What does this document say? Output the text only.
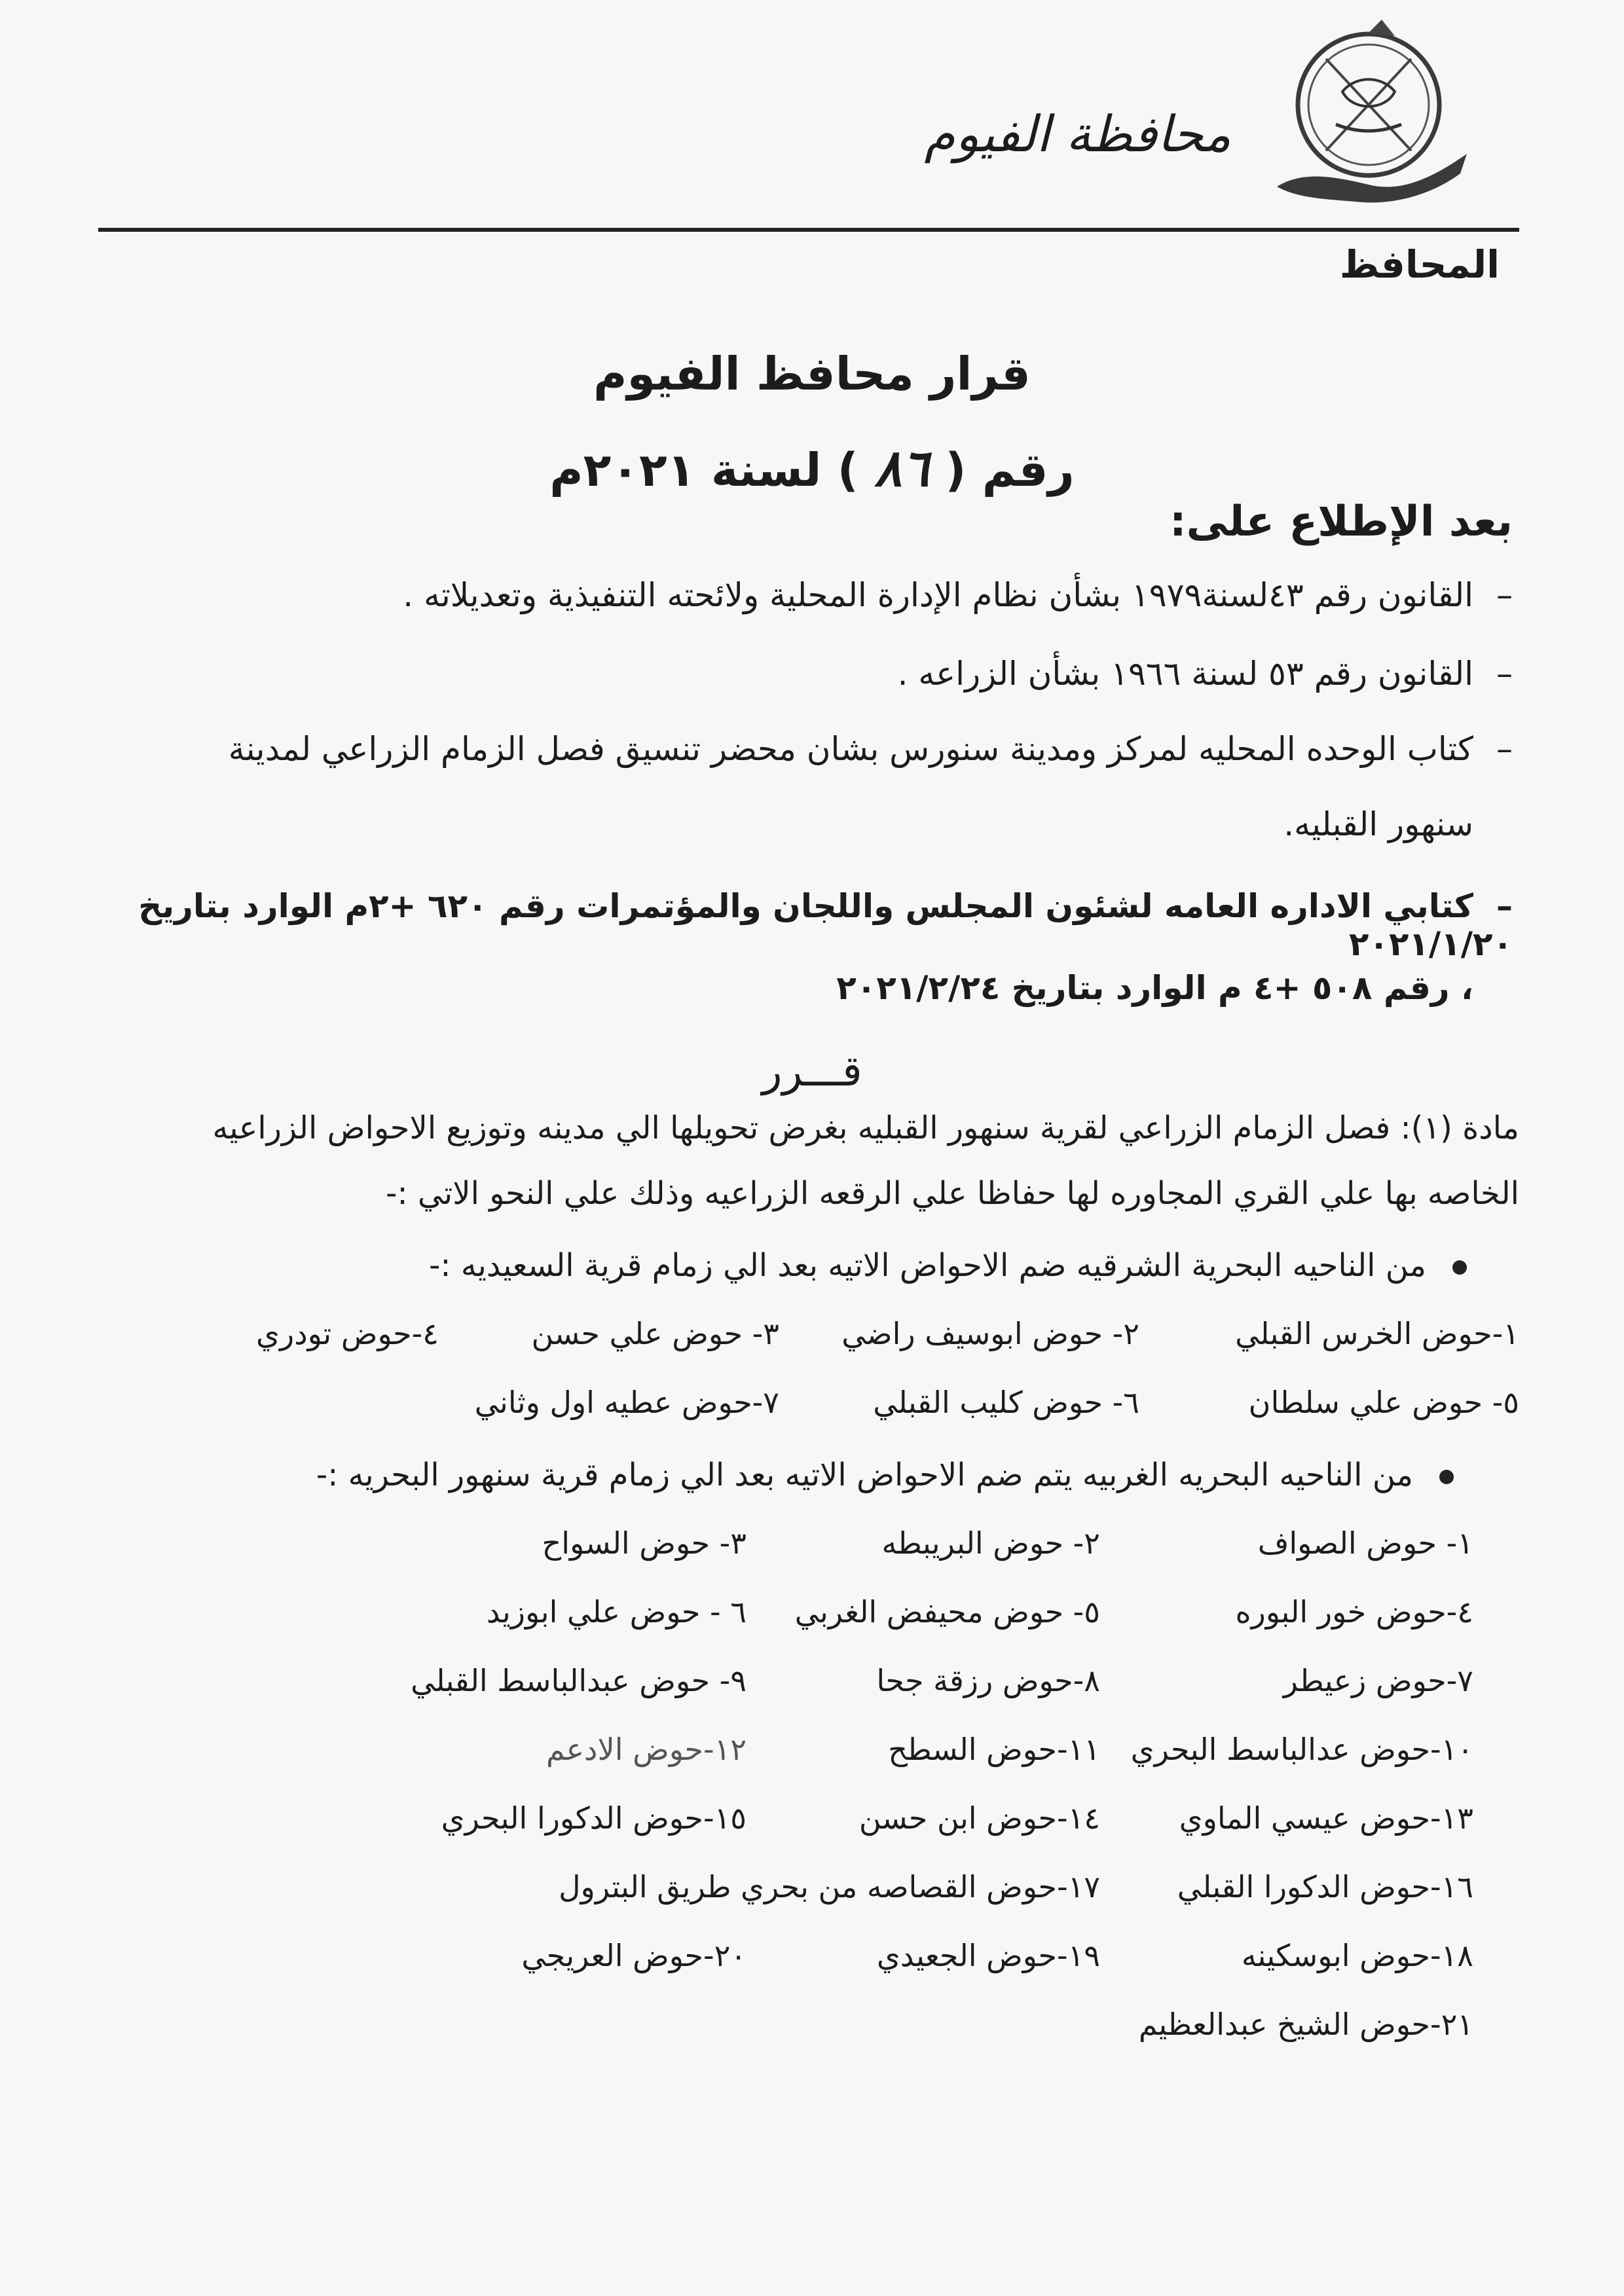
محافظة الفيوم
المحافظ
قرار محافظ الفيوم
رقم ( ٨٦ ) لسنة ٢٠٢١م
بعد الإطلاع على:
–القانون رقم ٤٣لسنة١٩٧٩ بشأن نظام الإدارة المحلية ولائحته التنفيذية وتعديلاته .
–القانون رقم ٥٣ لسنة ١٩٦٦ بشأن الزراعه .
–كتاب الوحده المحليه لمركز ومدينة سنورس بشان محضر تنسيق فصل الزمام الزراعي لمدينة
سنهور القبليه.
–كتابي الاداره العامه لشئون المجلس واللجان والمؤتمرات رقم ٦٢٠ +٢م الوارد بتاريخ ٢٠٢١/١/٢٠
، رقم ٥٠٨ +٤ م الوارد بتاريخ ٢٠٢١/٢/٢٤
قـــرر
مادة (١): فصل الزمام الزراعي لقرية سنهور القبليه بغرض تحويلها الي مدينه وتوزيع الاحواض الزراعيه
الخاصه بها علي القري المجاوره لها حفاظا علي الرقعه الزراعيه وذلك علي النحو الاتي :-
من الناحيه البحرية الشرقيه ضم الاحواض الاتيه بعد الي زمام قرية السعيديه :-
١-حوض الخرس القبلي
٢- حوض ابوسيف راضي
٣- حوض علي حسن
٤-حوض تودري
٥- حوض علي سلطان
٦- حوض كليب القبلي
٧-حوض عطيه اول وثاني
من الناحيه البحريه الغربيه يتم ضم الاحواض الاتيه بعد الي زمام قرية سنهور البحريه :-
١- حوض الصواف
٢- حوض البريبطه
٣- حوض السواح
٤-حوض خور البوره
٥- حوض محيفض الغربي
٦ - حوض علي ابوزيد
٧-حوض زعيطر
٨-حوض رزقة جحا
٩- حوض عبدالباسط القبلي
١٠-حوض عدالباسط البحري
١١-حوض السطح
١٢-حوض الادعم
١٣-حوض عيسي الماوي
١٤-حوض ابن حسن
١٥-حوض الدكورا البحري
١٦-حوض الدكورا القبلي
١٧-حوض القصاصه من بحري طريق البترول
١٨-حوض ابوسكينه
١٩-حوض الجعيدي
٢٠-حوض العريجي
٢١-حوض الشيخ عبدالعظيم
